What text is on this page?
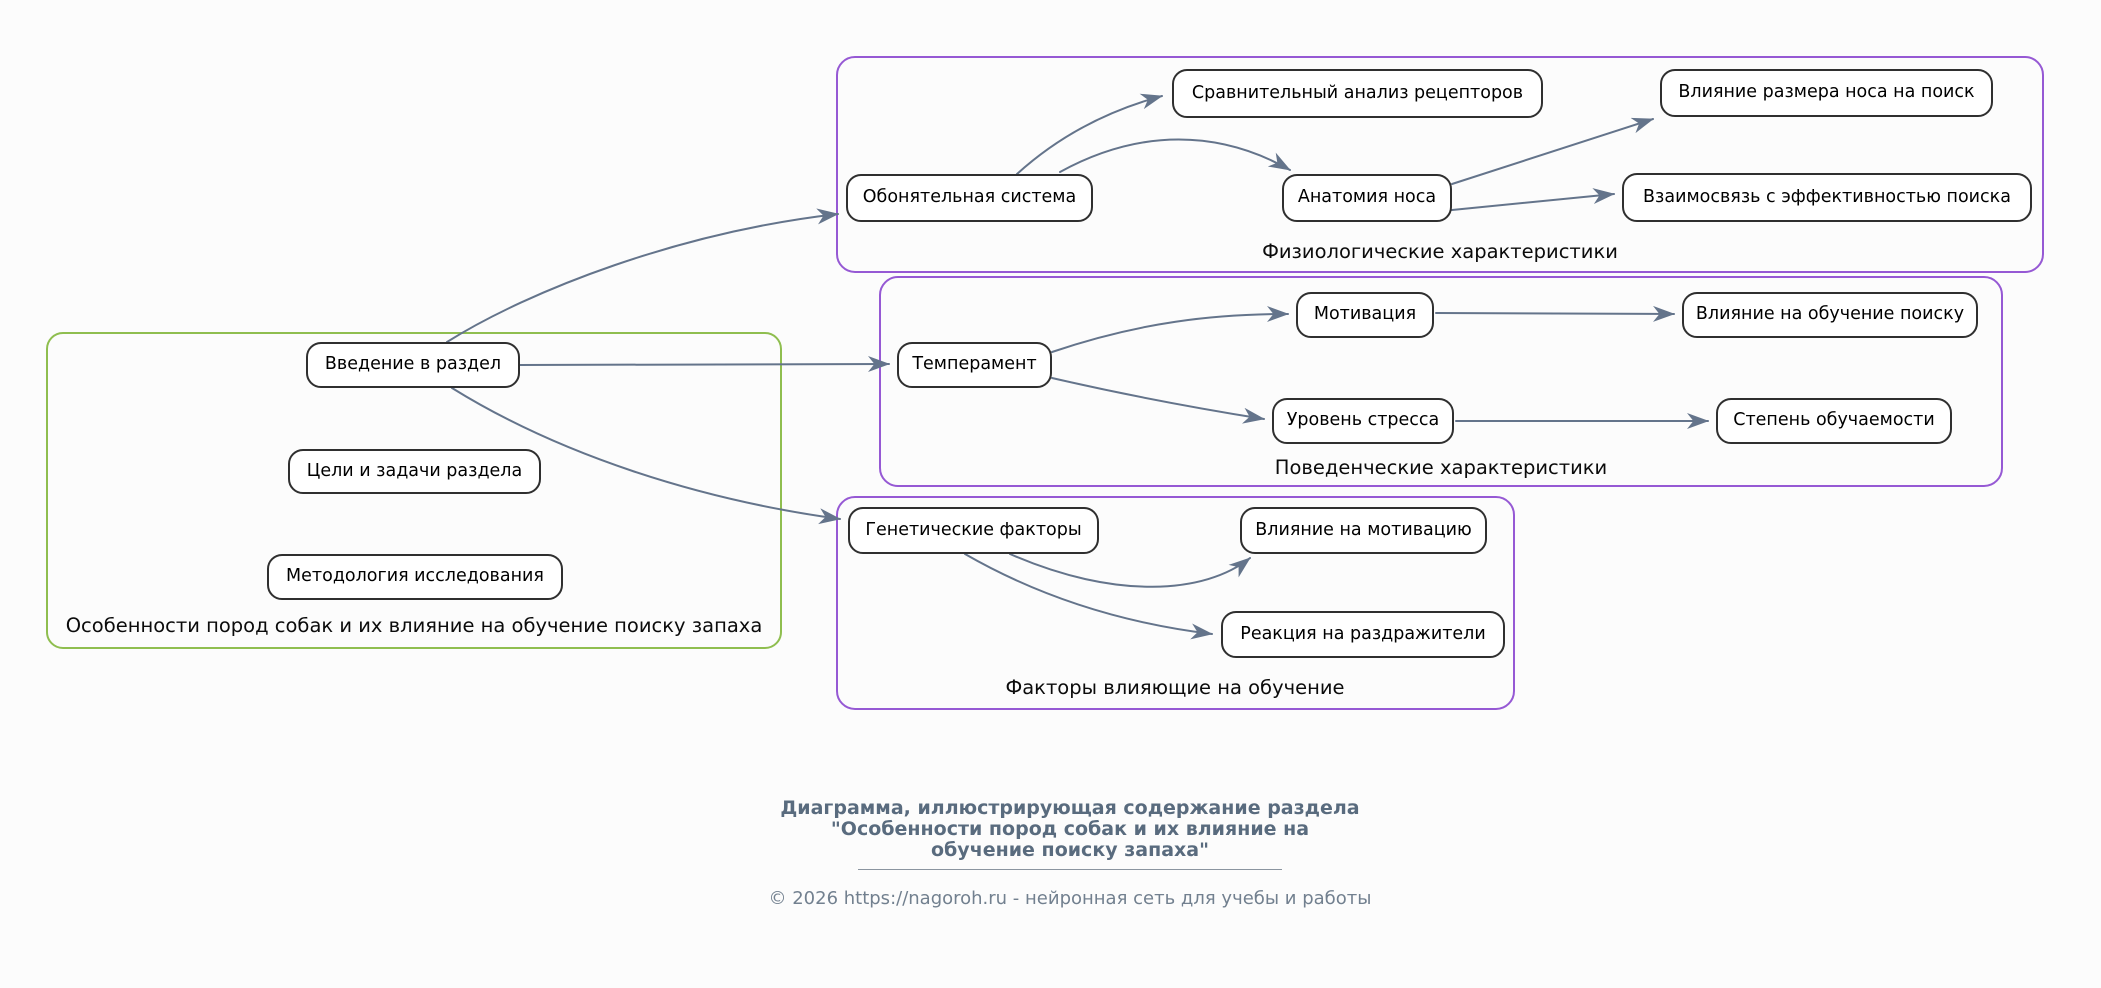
Введение в раздел
Цели и задачи раздела
Методология исследования
Особенности пород собак и их влияние на обучение поиску запаха
Обонятельная система
Сравнительный анализ рецепторов
Анатомия носа
Влияние размера носа на поиск
Взаимосвязь с эффективностью поиска
Физиологические характеристики
Темперамент
Мотивация
Уровень стресса
Влияние на обучение поиску
Степень обучаемости
Поведенческие характеристики
Генетические факторы	Влияние на мотивацию
Реакция на раздражители
Факторы влияющие на обучение
Диаграмма, иллюстрирующая содержание раздела
"Особенности пород собак и их влияние на
обучение поиску запаха"
© 2026 https://nagoroh.ru - нейронная сеть для учебы и работы
